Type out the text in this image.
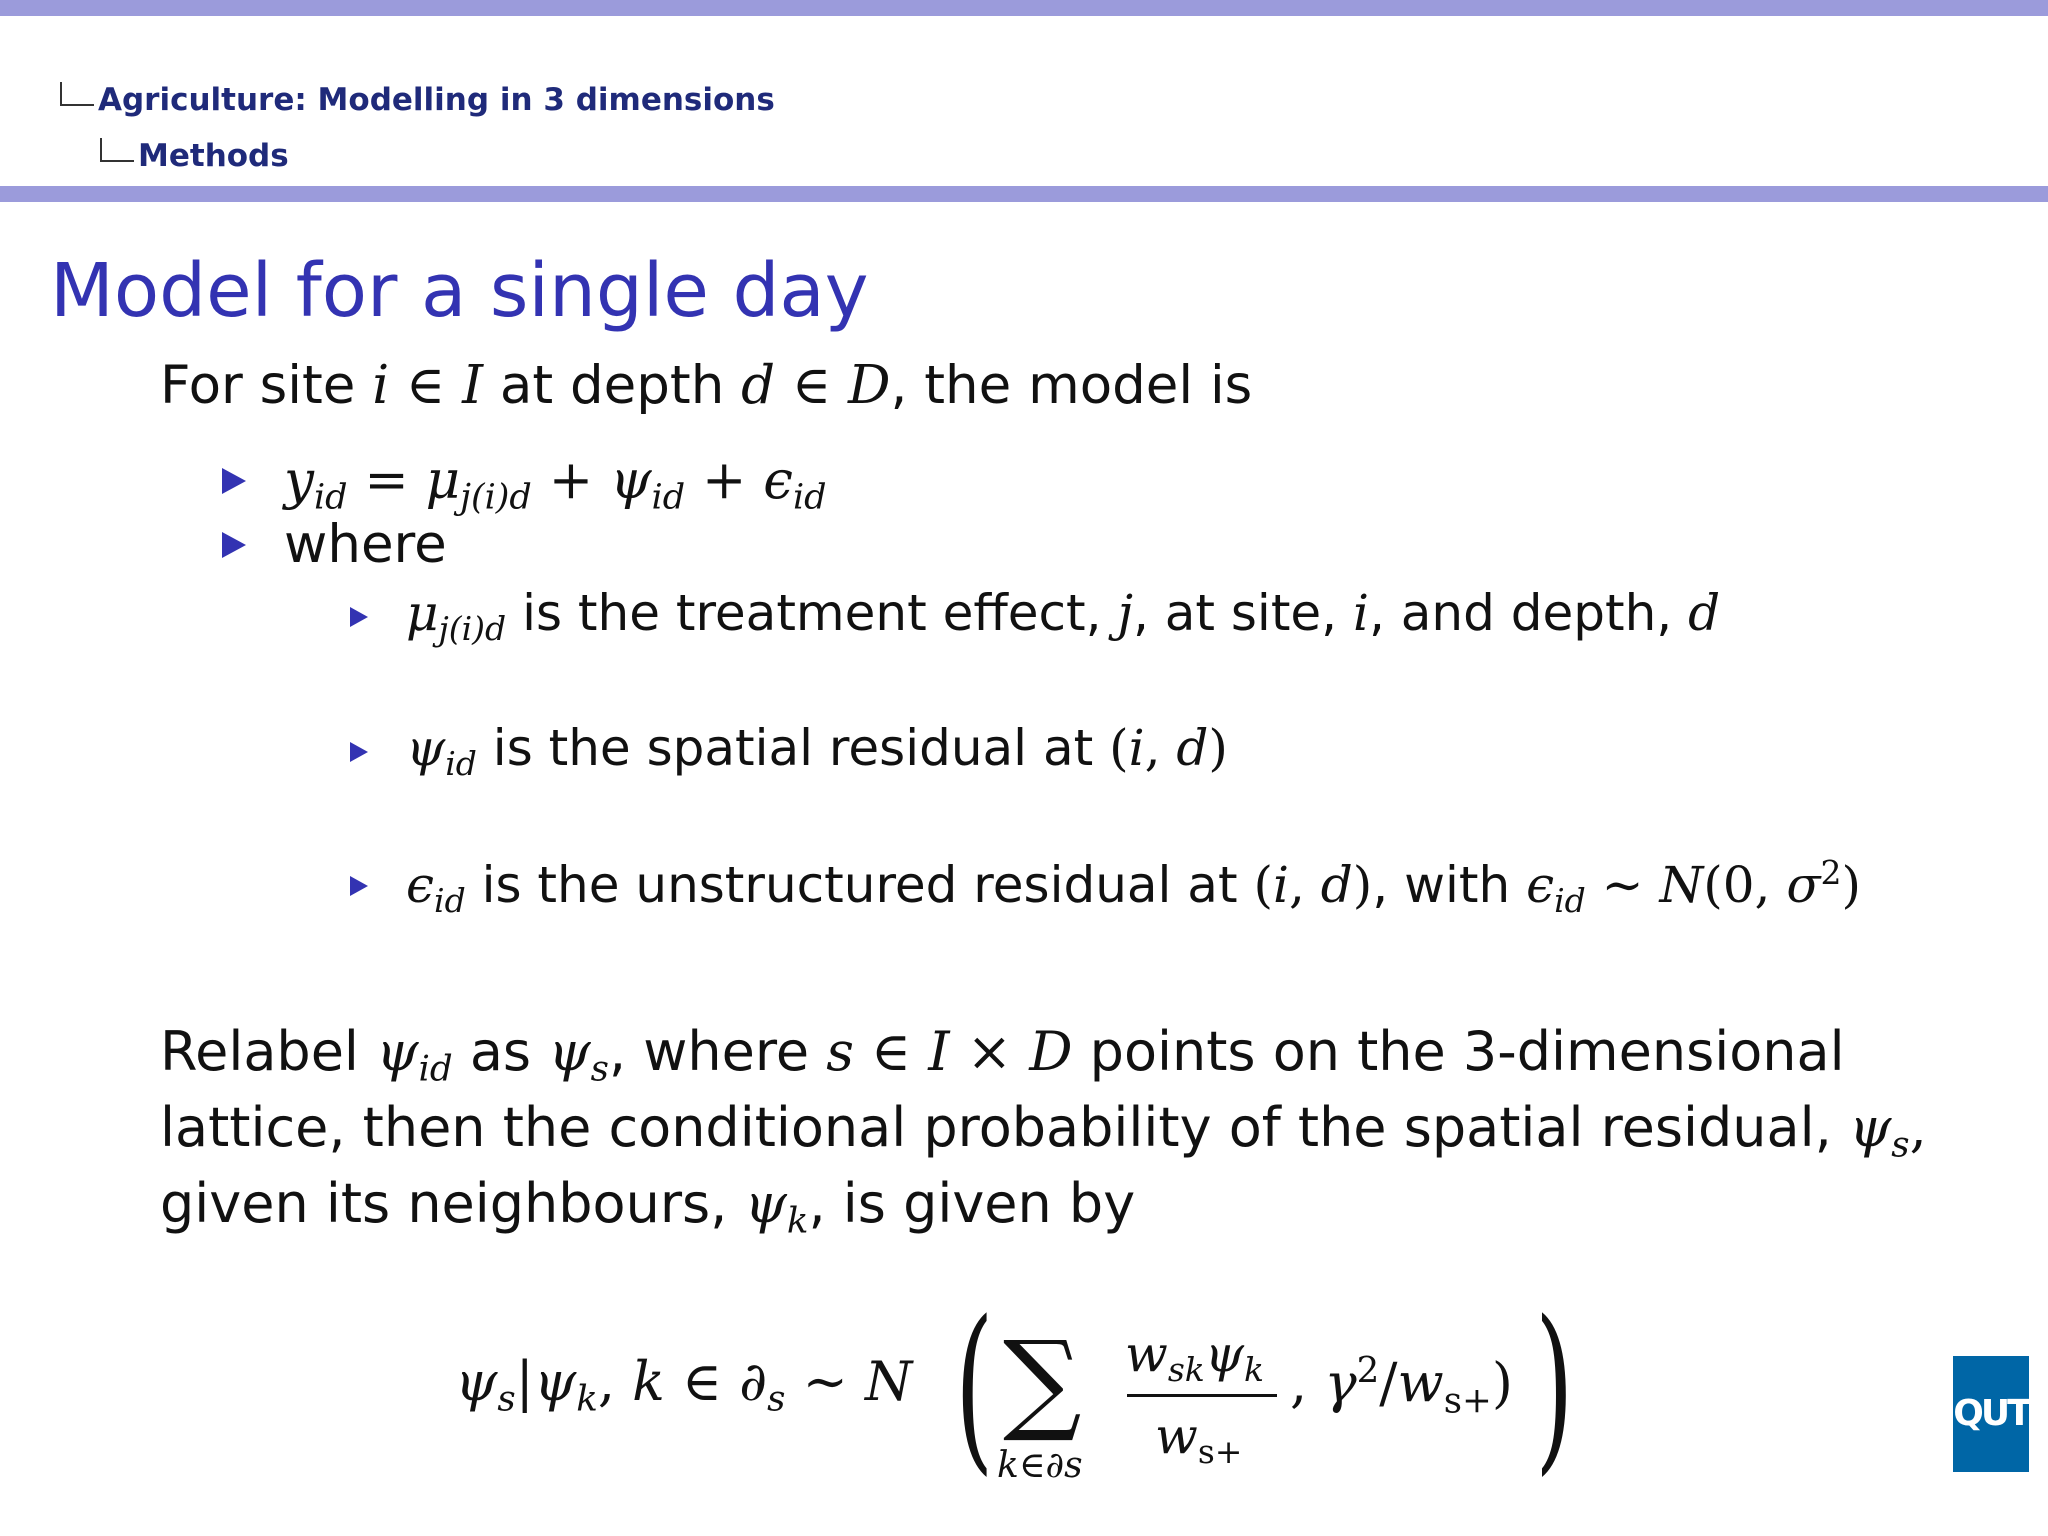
Agriculture: Modelling in 3 dimensions
Methods
Model for a single day
For site i ∈ I at depth d ∈ D, the model is
$y_{id} = \mu_{j(i)d} + \psi_{id} + \epsilon_{id}$
where
$\mu_{j(i)d}$ is the treatment effect, j, at site, i, and depth, d
$\psi_{id}$ is the spatial residual at (i, d)
$\epsilon_{id}$ is the unstructured residual at (i, d), with $\epsilon_{id}$ ∼ N(0, $\sigma^2$)
Relabel $\psi_{id}$ as $\psi_s$, where s ∈ I × D points on the 3-dimensional
lattice, then the conditional probability of the spatial residual, $\psi_s$,
given its neighbours, $\psi_k$, is given by
$\psi_s|\psi_k$, k ∈ $\partial_s$ ∼ N ( ∑
k∈∂s
$w_{sk}\psi_k$
$w_{s+}$
, $\gamma^2/w_{s+}$) )	QUT
